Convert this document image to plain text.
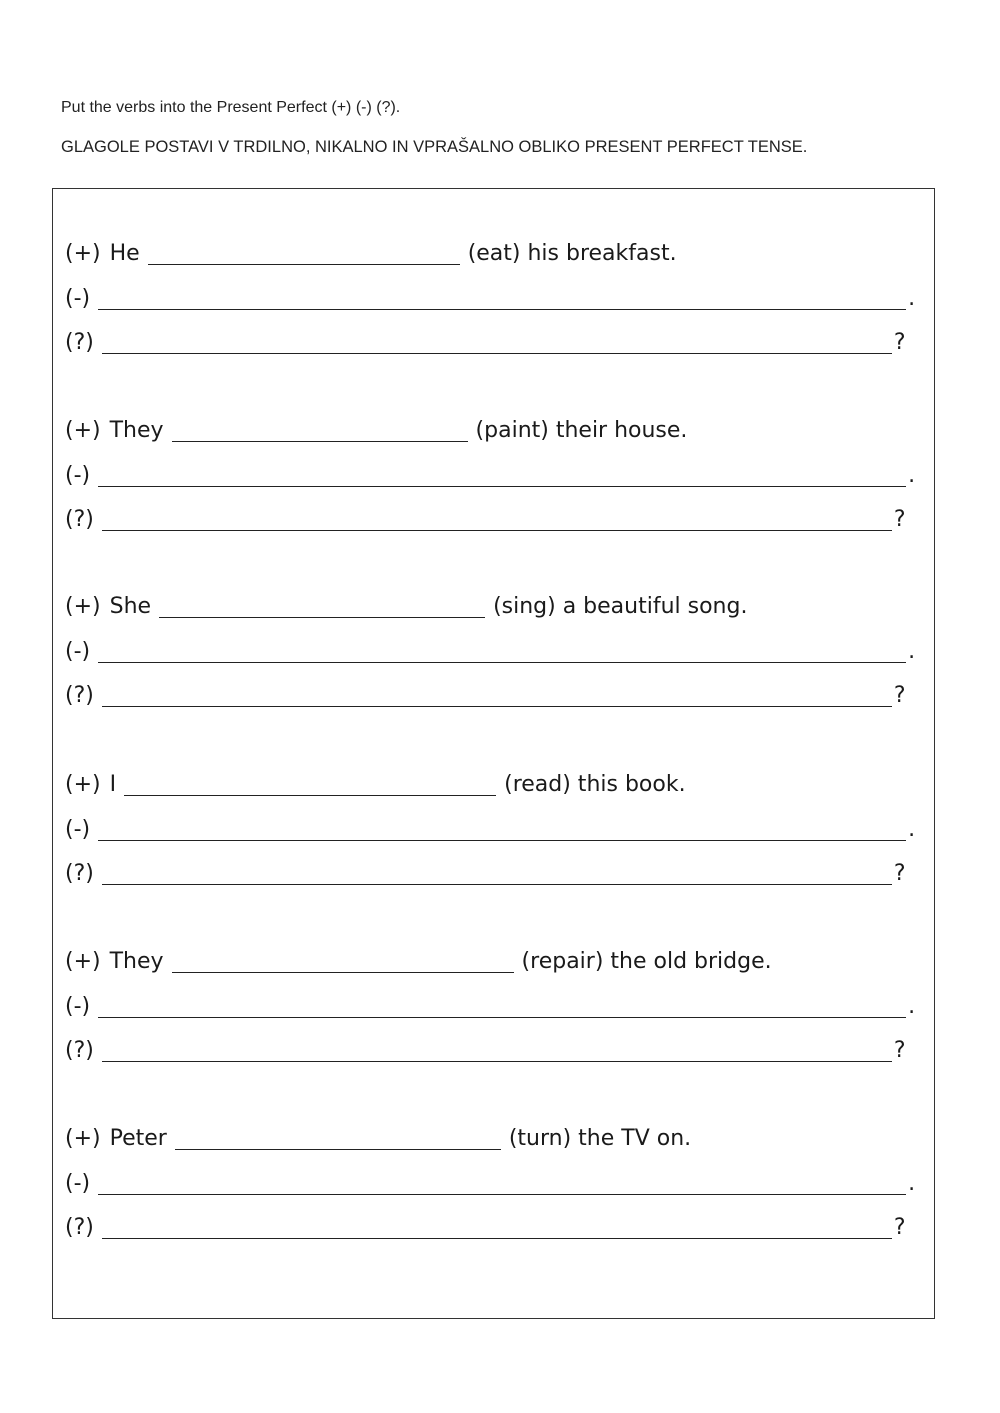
Put the verbs into the Present Perfect (+) (-) (?).
GLAGOLE POSTAVI V TRDILNO, NIKALNO IN VPRAŠALNO OBLIKO PRESENT PERFECT TENSE.
(+) He	(eat) his breakfast.
(-)	.
(?)	?
(+) They	(paint) their house.
(-)	.
(?)	?
(+) She	(sing) a beautiful song.
(-)	.
(?)	?
(+) I	(read) this book.
(-)	.
(?)	?
(+) They	(repair) the old bridge.
(-)	.
(?)	?
(+) Peter	(turn) the TV on.
(-)	.
(?)	?
